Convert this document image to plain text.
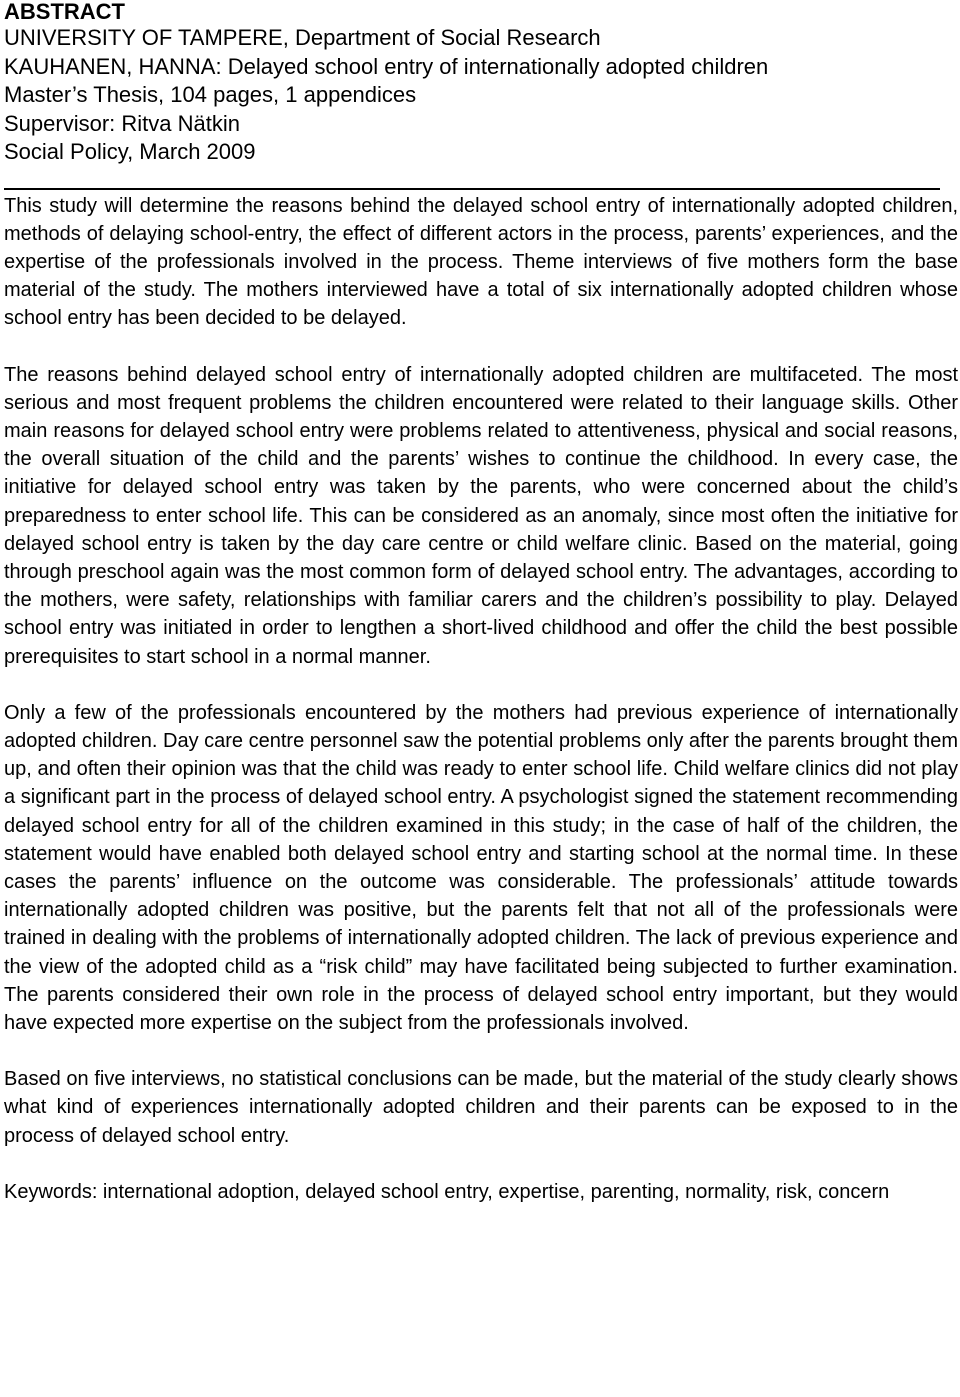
ABSTRACT

UNIVERSITY OF TAMPERE, Department of Social Research

KAUHANEN, HANNA: Delayed school entry of internationally adopted children

Master’s Thesis, 104 pages, 1 appendices

Supervisor: Ritva Nätkin

Social Policy, March 2009

This study will determine the reasons behind the delayed school entry of internationally adopted children, methods of delaying school-entry, the effect of different actors in the process, parents’ experiences, and the expertise of the professionals involved in the process. Theme interviews of five mothers form the base material of the study. The mothers interviewed have a total of six internationally adopted children whose school entry has been decided to be delayed.

The reasons behind delayed school entry of internationally adopted children are multifaceted. The most serious and most frequent problems the children encountered were related to their language skills. Other main reasons for delayed school entry were problems related to attentiveness, physical and social reasons, the overall situation of the child and the parents’ wishes to continue the childhood. In every case, the initiative for delayed school entry was taken by the parents, who were concerned about the child’s preparedness to enter school life. This can be considered as an anomaly, since most often the initiative for delayed school entry is taken by the day care centre or child welfare clinic. Based on the material, going through preschool again was the most common form of delayed school entry. The advantages, according to the mothers, were safety, relationships with familiar carers and the children’s possibility to play. Delayed school entry was initiated in order to lengthen a short-lived childhood and offer the child the best possible prerequisites to start school in a normal manner.

Only a few of the professionals encountered by the mothers had previous experience of internationally adopted children. Day care centre personnel saw the potential problems only after the parents brought them up, and often their opinion was that the child was ready to enter school life. Child welfare clinics did not play a significant part in the process of delayed school entry. A psychologist signed the statement recommending delayed school entry for all of the children examined in this study; in the case of half of the children, the statement would have enabled both delayed school entry and starting school at the normal time. In these cases the parents’ influence on the outcome was considerable. The professionals’ attitude towards internationally adopted children was positive, but the parents felt that not all of the professionals were trained in dealing with the problems of internationally adopted children. The lack of previous experience and the view of the adopted child as a “risk child” may have facilitated being subjected to further examination. The parents considered their own role in the process of delayed school entry important, but they would have expected more expertise on the subject from the professionals involved.

Based on five interviews, no statistical conclusions can be made, but the material of the study clearly shows what kind of experiences internationally adopted children and their parents can be exposed to in the process of delayed school entry.

Keywords: international adoption, delayed school entry, expertise, parenting, normality, risk, concern
